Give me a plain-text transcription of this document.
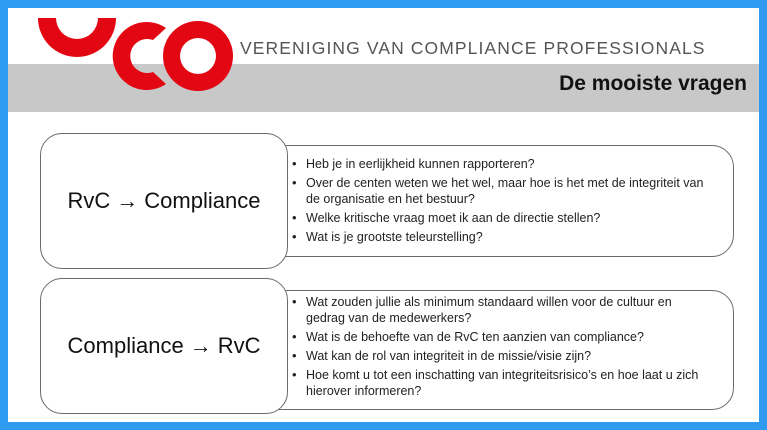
VERENIGING VAN COMPLIANCE PROFESSIONALS
De mooiste vragen
RvC → Compliance
• Heb je in eerlijkheid kunnen rapporteren?
• Over de centen weten we het wel, maar hoe is het met de integriteit van de organisatie en het bestuur?
• Welke kritische vraag moet ik aan de directie stellen?
• Wat is je grootste teleurstelling?
Compliance → RvC
• Wat zouden jullie als minimum standaard willen voor de cultuur en gedrag van de medewerkers?
• Wat is de behoefte van de RvC ten aanzien van compliance?
• Wat kan de rol van integriteit in de missie/visie zijn?
• Hoe komt u tot een inschatting van integriteitsrisico’s en hoe laat u zich hierover informeren?
